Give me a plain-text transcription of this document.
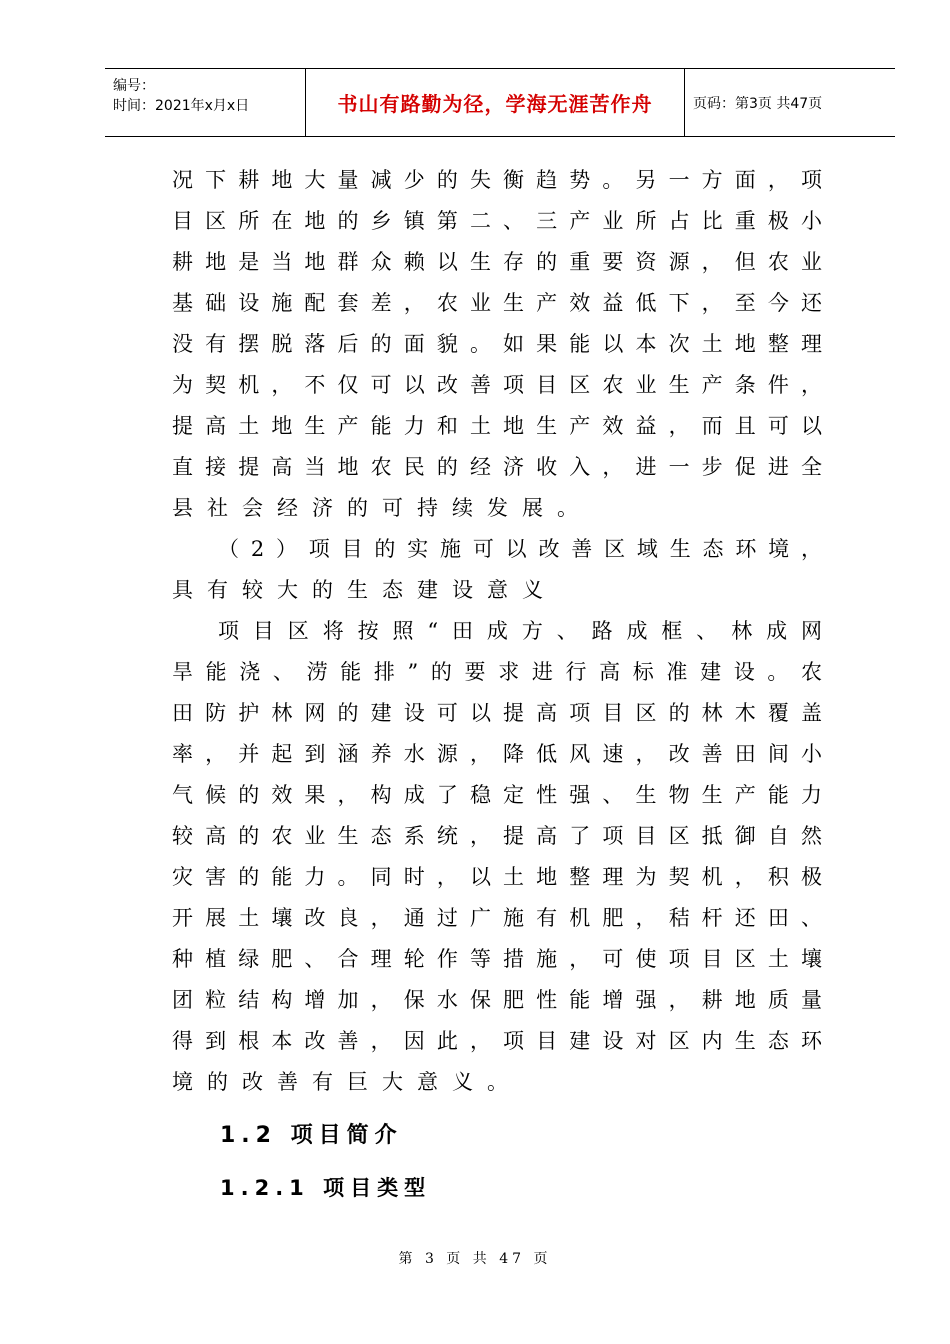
编号：
时间：2021年x月x日	书山有路勤为径，学海无涯苦作舟	页码：第3页 共47页
况下耕地大量减少的失衡趋势。另一方面，项
目区所在地的乡镇第二、三产业所占比重极小
耕地是当地群众赖以生存的重要资源，但农业
基础设施配套差，农业生产效益低下，至今还
没有摆脱落后的面貌。如果能以本次土地整理
为契机，不仅可以改善项目区农业生产条件，
提高土地生产能力和土地生产效益，而且可以
直接提高当地农民的经济收入，进一步促进全
县社会经济的可持续发展。
（2）项目的实施可以改善区域生态环境，
具有较大的生态建设意义
项目区将按照“田成方、路成框、林成网
旱能浇、涝能排”的要求进行高标准建设。农
田防护林网的建设可以提高项目区的林木覆盖
率，并起到涵养水源，降低风速，改善田间小
气候的效果，构成了稳定性强、生物生产能力
较高的农业生态系统，提高了项目区抵御自然
灾害的能力。同时，以土地整理为契机，积极
开展土壤改良，通过广施有机肥，秸杆还田、
种植绿肥、合理轮作等措施，可使项目区土壤
团粒结构增加，保水保肥性能增强，耕地质量
得到根本改善，因此，项目建设对区内生态环
境的改善有巨大意义。
1.2 项目简介
1.2.1 项目类型
第 3 页 共 47 页
